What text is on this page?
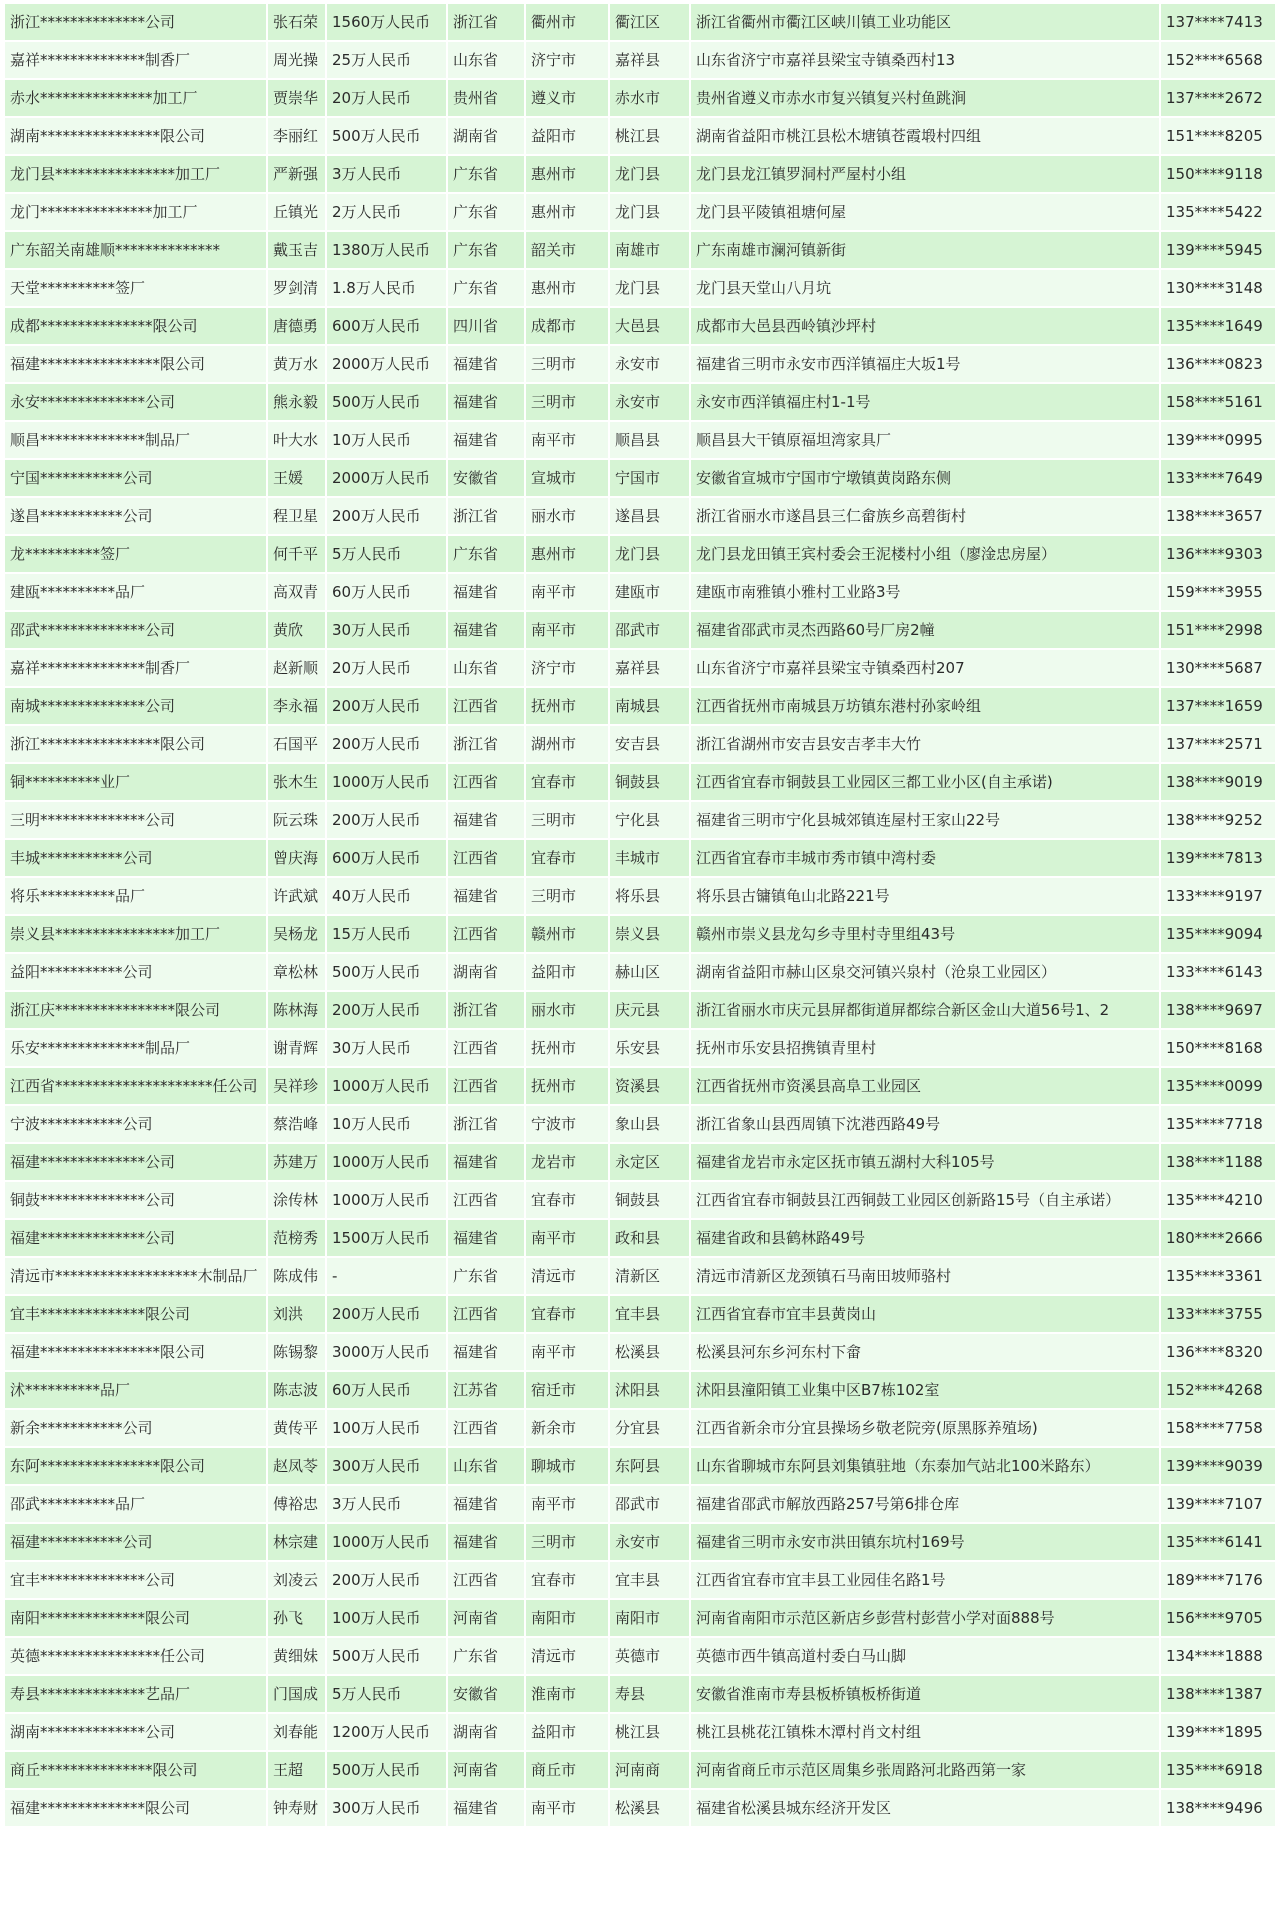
浙江**************公司	张石荣	1560万人民币	浙江省	衢州市	衢江区	浙江省衢州市衢江区峡川镇工业功能区	137****7413
嘉祥**************制香厂	周光操	25万人民币	山东省	济宁市	嘉祥县	山东省济宁市嘉祥县梁宝寺镇桑西村13	152****6568
赤水***************加工厂	贾崇华	20万人民币	贵州省	遵义市	赤水市	贵州省遵义市赤水市复兴镇复兴村鱼跳涧	137****2672
湖南****************限公司	李丽红	500万人民币	湖南省	益阳市	桃江县	湖南省益阳市桃江县松木塘镇苍霞塅村四组	151****8205
龙门县****************加工厂	严新强	3万人民币	广东省	惠州市	龙门县	龙门县龙江镇罗洞村严屋村小组	150****9118
龙门***************加工厂	丘镇光	2万人民币	广东省	惠州市	龙门县	龙门县平陵镇祖塘何屋	135****5422
广东韶关南雄顺**************	戴玉吉	1380万人民币	广东省	韶关市	南雄市	广东南雄市澜河镇新街	139****5945
天堂**********签厂	罗剑清	1.8万人民币	广东省	惠州市	龙门县	龙门县天堂山八月坑	130****3148
成都***************限公司	唐德勇	600万人民币	四川省	成都市	大邑县	成都市大邑县西岭镇沙坪村	135****1649
福建****************限公司	黄万水	2000万人民币	福建省	三明市	永安市	福建省三明市永安市西洋镇福庄大坂1号	136****0823
永安**************公司	熊永毅	500万人民币	福建省	三明市	永安市	永安市西洋镇福庄村1-1号	158****5161
顺昌**************制品厂	叶大水	10万人民币	福建省	南平市	顺昌县	顺昌县大干镇原福坦湾家具厂	139****0995
宁国***********公司	王媛	2000万人民币	安徽省	宣城市	宁国市	安徽省宣城市宁国市宁墩镇黄岗路东侧	133****7649
遂昌***********公司	程卫星	200万人民币	浙江省	丽水市	遂昌县	浙江省丽水市遂昌县三仁畲族乡高碧街村	138****3657
龙**********签厂	何千平	5万人民币	广东省	惠州市	龙门县	龙门县龙田镇王宾村委会王泥楼村小组（廖淦忠房屋）	136****9303
建瓯**********品厂	高双青	60万人民币	福建省	南平市	建瓯市	建瓯市南雅镇小雅村工业路3号	159****3955
邵武**************公司	黄欣	30万人民币	福建省	南平市	邵武市	福建省邵武市灵杰西路60号厂房2幢	151****2998
嘉祥**************制香厂	赵新顺	20万人民币	山东省	济宁市	嘉祥县	山东省济宁市嘉祥县梁宝寺镇桑西村207	130****5687
南城**************公司	李永福	200万人民币	江西省	抚州市	南城县	江西省抚州市南城县万坊镇东港村孙家岭组	137****1659
浙江****************限公司	石国平	200万人民币	浙江省	湖州市	安吉县	浙江省湖州市安吉县安吉孝丰大竹	137****2571
铜**********业厂	张木生	1000万人民币	江西省	宜春市	铜鼓县	江西省宜春市铜鼓县工业园区三都工业小区(自主承诺)	138****9019
三明**************公司	阮云珠	200万人民币	福建省	三明市	宁化县	福建省三明市宁化县城郊镇连屋村王家山22号	138****9252
丰城***********公司	曾庆海	600万人民币	江西省	宜春市	丰城市	江西省宜春市丰城市秀市镇中湾村委	139****7813
将乐**********品厂	许武斌	40万人民币	福建省	三明市	将乐县	将乐县古镛镇龟山北路221号	133****9197
崇义县****************加工厂	吴杨龙	15万人民币	江西省	赣州市	崇义县	赣州市崇义县龙勾乡寺里村寺里组43号	135****9094
益阳***********公司	章松林	500万人民币	湖南省	益阳市	赫山区	湖南省益阳市赫山区泉交河镇兴泉村（沧泉工业园区）	133****6143
浙江庆****************限公司	陈林海	200万人民币	浙江省	丽水市	庆元县	浙江省丽水市庆元县屏都街道屏都综合新区金山大道56号1、2	138****9697
乐安**************制品厂	谢青辉	30万人民币	江西省	抚州市	乐安县	抚州市乐安县招携镇青里村	150****8168
江西省*********************任公司	吴祥珍	1000万人民币	江西省	抚州市	资溪县	江西省抚州市资溪县高阜工业园区	135****0099
宁波***********公司	蔡浩峰	10万人民币	浙江省	宁波市	象山县	浙江省象山县西周镇下沈港西路49号	135****7718
福建**************公司	苏建万	1000万人民币	福建省	龙岩市	永定区	福建省龙岩市永定区抚市镇五湖村大科105号	138****1188
铜鼓**************公司	涂传林	1000万人民币	江西省	宜春市	铜鼓县	江西省宜春市铜鼓县江西铜鼓工业园区创新路15号（自主承诺）	135****4210
福建**************公司	范榜秀	1500万人民币	福建省	南平市	政和县	福建省政和县鹤林路49号	180****2666
清远市*******************木制品厂	陈成伟	-	广东省	清远市	清新区	清远市清新区龙颈镇石马南田坡师骆村	135****3361
宜丰**************限公司	刘洪	200万人民币	江西省	宜春市	宜丰县	江西省宜春市宜丰县黄岗山	133****3755
福建****************限公司	陈锡黎	3000万人民币	福建省	南平市	松溪县	松溪县河东乡河东村下畲	136****8320
沭**********品厂	陈志波	60万人民币	江苏省	宿迁市	沭阳县	沭阳县潼阳镇工业集中区B7栋102室	152****4268
新余***********公司	黄传平	100万人民币	江西省	新余市	分宜县	江西省新余市分宜县操场乡敬老院旁(原黑豚养殖场)	158****7758
东阿****************限公司	赵凤苓	300万人民币	山东省	聊城市	东阿县	山东省聊城市东阿县刘集镇驻地（东泰加气站北100米路东）	139****9039
邵武**********品厂	傅裕忠	3万人民币	福建省	南平市	邵武市	福建省邵武市解放西路257号第6排仓库	139****7107
福建***********公司	林宗建	1000万人民币	福建省	三明市	永安市	福建省三明市永安市洪田镇东坑村169号	135****6141
宜丰**************公司	刘凌云	200万人民币	江西省	宜春市	宜丰县	江西省宜春市宜丰县工业园佳名路1号	189****7176
南阳**************限公司	孙飞	100万人民币	河南省	南阳市	南阳市	河南省南阳市示范区新店乡彭营村彭营小学对面888号	156****9705
英德****************任公司	黄细妹	500万人民币	广东省	清远市	英德市	英德市西牛镇高道村委白马山脚	134****1888
寿县**************艺品厂	门国成	5万人民币	安徽省	淮南市	寿县	安徽省淮南市寿县板桥镇板桥街道	138****1387
湖南**************公司	刘春能	1200万人民币	湖南省	益阳市	桃江县	桃江县桃花江镇株木潭村肖文村组	139****1895
商丘***************限公司	王超	500万人民币	河南省	商丘市	河南商	河南省商丘市示范区周集乡张周路河北路西第一家	135****6918
福建**************限公司	钟寿财	300万人民币	福建省	南平市	松溪县	福建省松溪县城东经济开发区	138****9496
